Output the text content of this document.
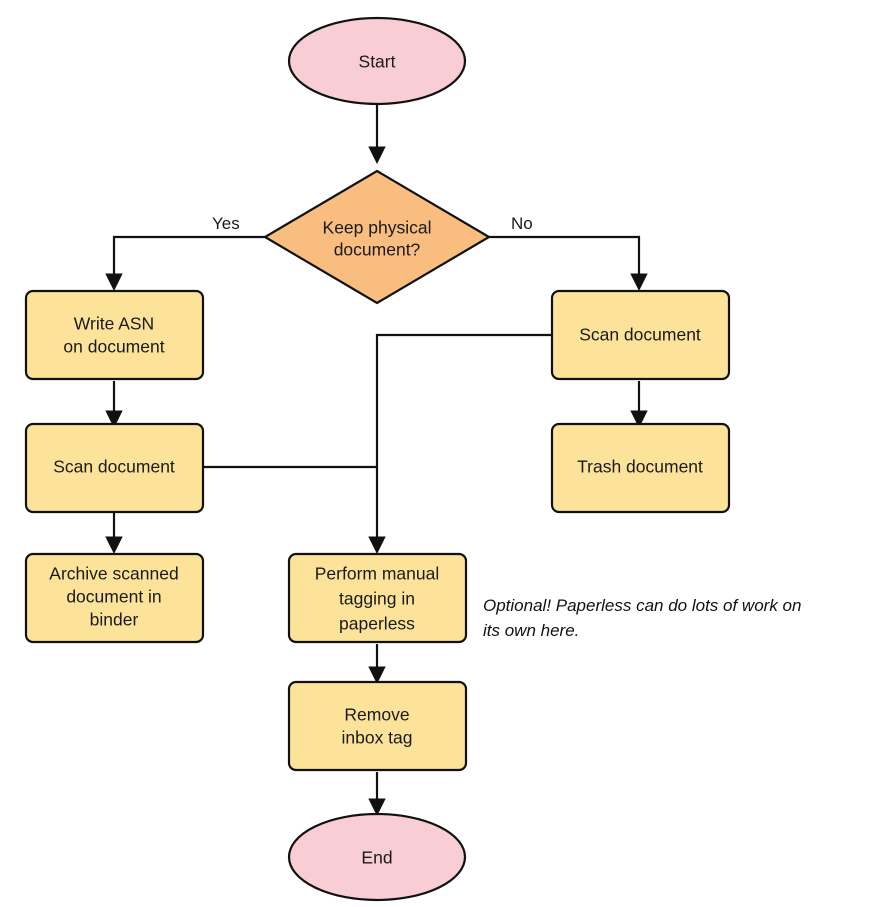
Yes	No
Start
Keep physical
document?
Write ASN
on document
Scan document
Archive scanned
document in
binder
Scan document
Trash document
Perform manual
tagging in
paperless
Remove
inbox tag
End
Optional! Paperless can do lots of work on
its own here.
